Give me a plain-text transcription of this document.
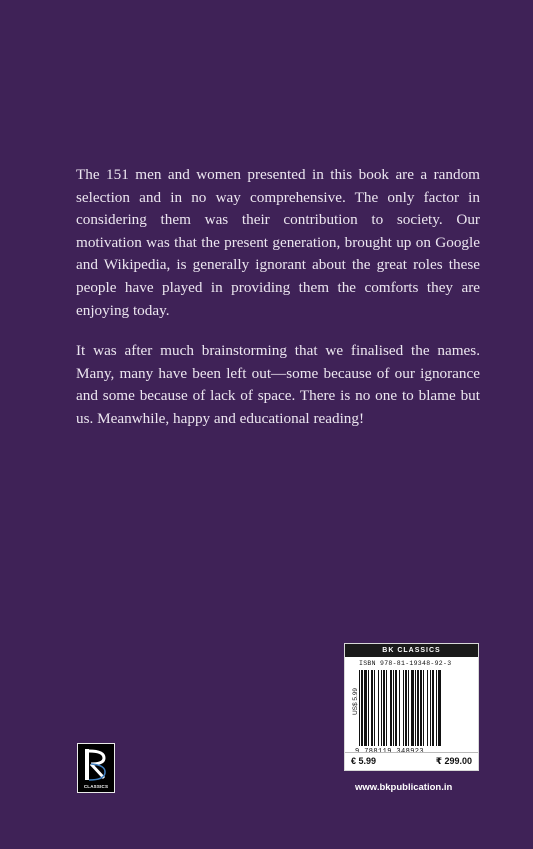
The 151 men and women presented in this book are a random selection and in no way comprehensive. The only factor in considering them was their contribution to society. Our motivation was that the present generation, brought up on Google and Wikipedia, is generally ignorant about the great roles these people have played in providing them the comforts they are enjoying today.

It was after much brainstorming that we finalised the names. Many, many have been left out—some because of our ignorance and some because of lack of space. There is no one to blame but us. Meanwhile, happy and educational reading!

BK CLASSICS
ISBN 978-81-19348-92-3
US$ 5.99
9 788119 348923
€ 5.99	₹ 299.00
www.bkpublication.in
CLASSICS
